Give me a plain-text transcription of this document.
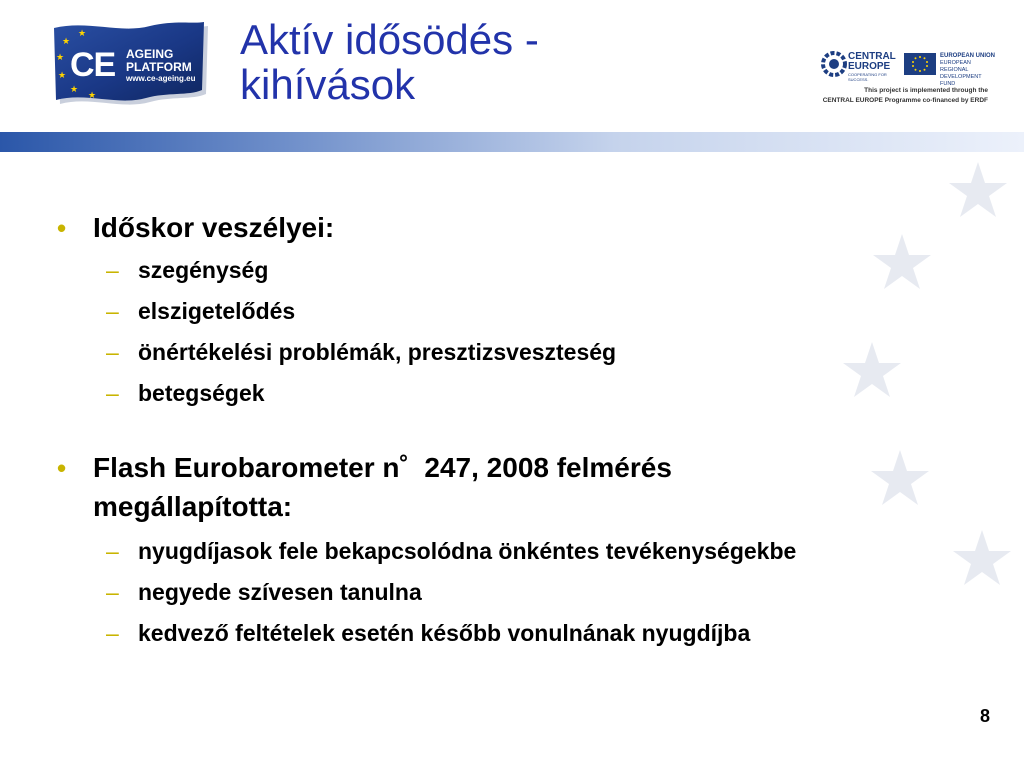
★
★
★
★
★
★
CE AGEING
PLATFORM
www.ce-ageing.eu
Aktív idősödés -
kihívások
CENTRAL
EUROPE
COOPERATING FOR SUCCESS.
EUROPEAN UNION
EUROPEAN REGIONAL
DEVELOPMENT FUND
This project is implemented through the
CENTRAL EUROPE Programme co-financed by ERDF
• Időskor veszélyei:
– szegénység
– elszigetelődés
– önértékelési problémák, presztizsveszteség
– betegségek
• Flash Eurobarometer n˚  247, 2008 felmérés
megállapította:
– nyugdíjasok fele bekapcsolódna önkéntes tevékenységekbe
– negyede szívesen tanulna
– kedvező feltételek esetén később vonulnának nyugdíjba
8
